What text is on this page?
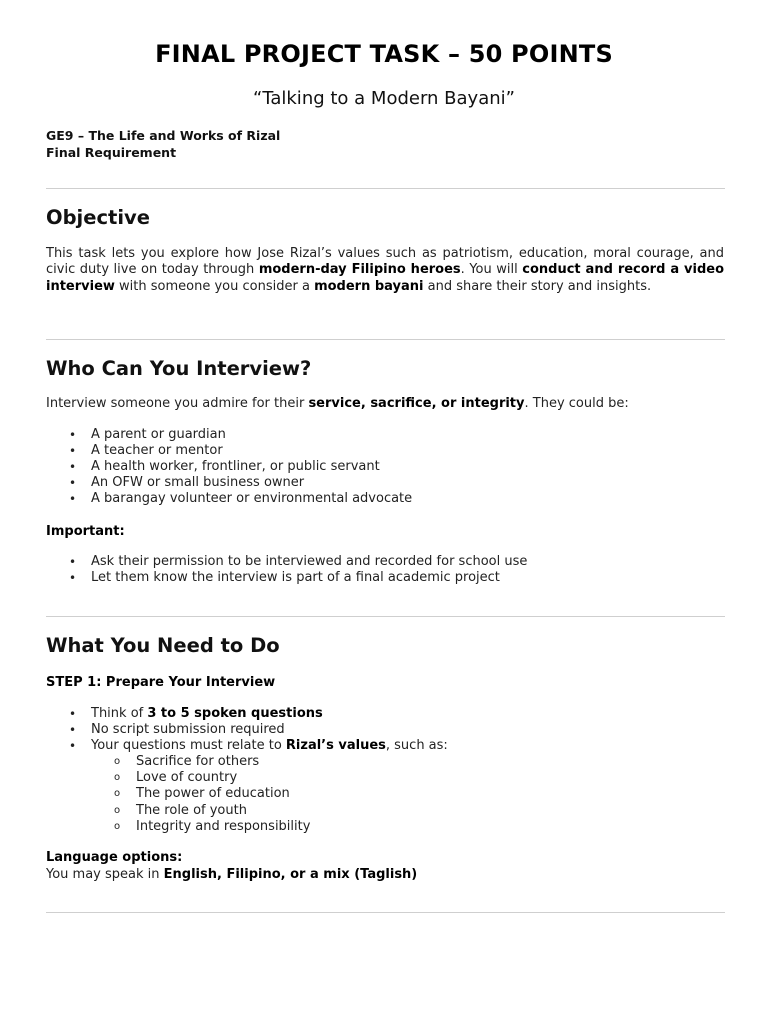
FINAL PROJECT TASK – 50 POINTS
“Talking to a Modern Bayani”
GE9 – The Life and Works of Rizal
Final Requirement
Objective
This task lets you explore how Jose Rizal’s values such as patriotism, education, moral courage, and civic duty live on today through modern-day Filipino heroes. You will conduct and record a video interview with someone you consider a modern bayani and share their story and insights.
Who Can You Interview?
Interview someone you admire for their service, sacrifice, or integrity. They could be:
• A parent or guardian
• A teacher or mentor
• A health worker, frontliner, or public servant
• An OFW or small business owner
• A barangay volunteer or environmental advocate
Important:
• Ask their permission to be interviewed and recorded for school use
• Let them know the interview is part of a final academic project
What You Need to Do
STEP 1: Prepare Your Interview
• Think of 3 to 5 spoken questions
• No script submission required
• Your questions must relate to Rizal’s values, such as:
o Sacrifice for others
o Love of country
o The power of education
o The role of youth
o Integrity and responsibility
Language options:
You may speak in English, Filipino, or a mix (Taglish)
